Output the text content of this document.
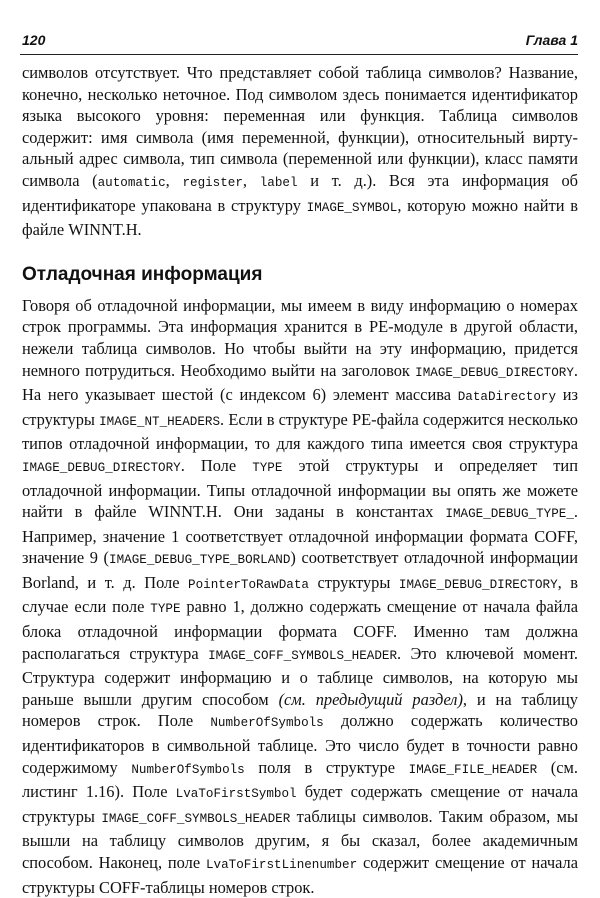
120	Глава 1

символов отсутствует. Что представляет собой таблица символов? Название, конечно, несколько неточное. Под символом здесь понимается идентификатор языка высокого уровня: переменная или функция. Таблица символов содержит: имя символа (имя переменной, функции), относительный виртуальный адрес символа, тип символа (переменной или функции), класс памяти символа (automatic, register, label и т. д.). Вся эта информация об идентификаторе упакована в структуру IMAGE_SYMBOL, которую можно найти в файле WINNT.H.

Отладочная информация

Говоря об отладочной информации, мы имеем в виду информацию о номерах строк программы. Эта информация хранится в PE-модуле в другой области, нежели таблица символов. Но чтобы выйти на эту информацию, придется немного потрудиться. Необходимо выйти на заголовок IMAGE_DEBUG_DIRECTORY. На него указывает шестой (с индексом 6) элемент массива DataDirectory из структуры IMAGE_NT_HEADERS. Если в структуре PE-файла содержится несколько типов отладочной информации, то для каждого типа имеется своя структура IMAGE_DEBUG_DIRECTORY. Поле TYPE этой структуры и определяет тип отладочной информации. Типы отладочной информации вы опять же можете найти в файле WINNT.H. Они заданы в константах IMAGE_DEBUG_TYPE_. Например, значение 1 соответствует отладочной информации формата COFF, значение 9 (IMAGE_DEBUG_TYPE_BORLAND) соответствует отладочной информации Borland, и т. д. Поле PointerToRawData структуры IMAGE_DEBUG_DIRECTORY, в случае если поле TYPE равно 1, должно содержать смещение от начала файла блока отладочной информации формата COFF. Именно там должна располагаться структура IMAGE_COFF_SYMBOLS_HEADER. Это ключевой момент. Структура содержит информацию и о таблице символов, на которую мы раньше вышли другим способом (см. предыдущий раздел), и на таблицу номеров строк. Поле NumberOfSymbols должно содержать количество идентификаторов в символьной таблице. Это число будет в точности равно содержимому NumberOfSymbols поля в структуре IMAGE_FILE_HEADER (см. листинг 1.16). Поле LvaToFirstSymbol будет содержать смещение от начала структуры IMAGE_COFF_SYMBOLS_HEADER таблицы символов. Таким образом, мы вышли на таблицу символов другим, я бы сказал, более академичным способом. Наконец, поле LvaToFirstLinenumber содержит смещение от начала структуры COFF-таблицы номеров строк.
